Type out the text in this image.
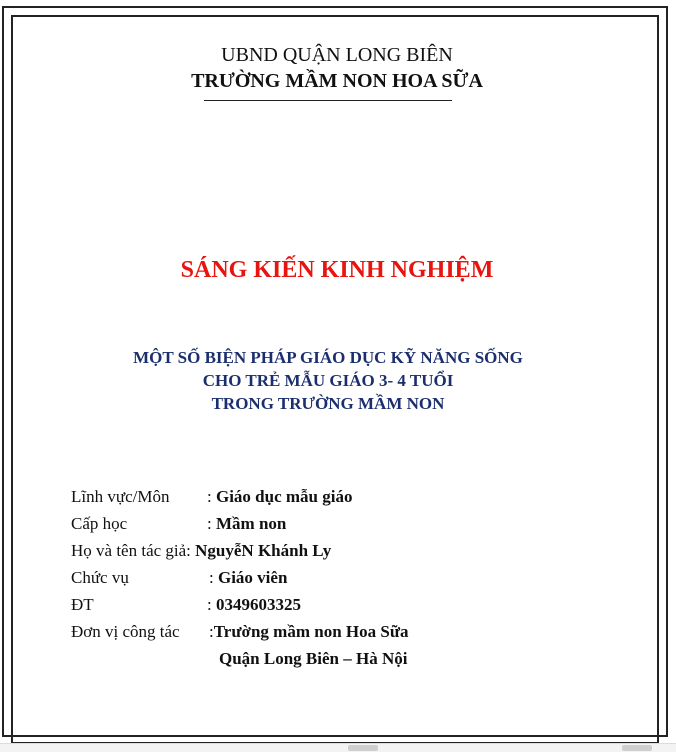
UBND QUẬN LONG BIÊN
TRƯỜNG MẦM NON HOA SỮA
SÁNG KIẾN KINH NGHIỆM
MỘT SỐ BIỆN PHÁP GIÁO DỤC KỸ NĂNG SỐNG
CHO TRẺ MẪU GIÁO 3- 4 TUỔI
TRONG TRƯỜNG MẦM NON
Lĩnh vực/Môn : Giáo dục mẫu giáo
Cấp học	: Mầm non
Họ và tên tác giả: NguyễN Khánh Ly
Chức vụ	: Giáo viên
ĐT	: 0349603325
Đơn vị công tác :Trường mầm non Hoa Sữa
Quận Long Biên – Hà Nội
